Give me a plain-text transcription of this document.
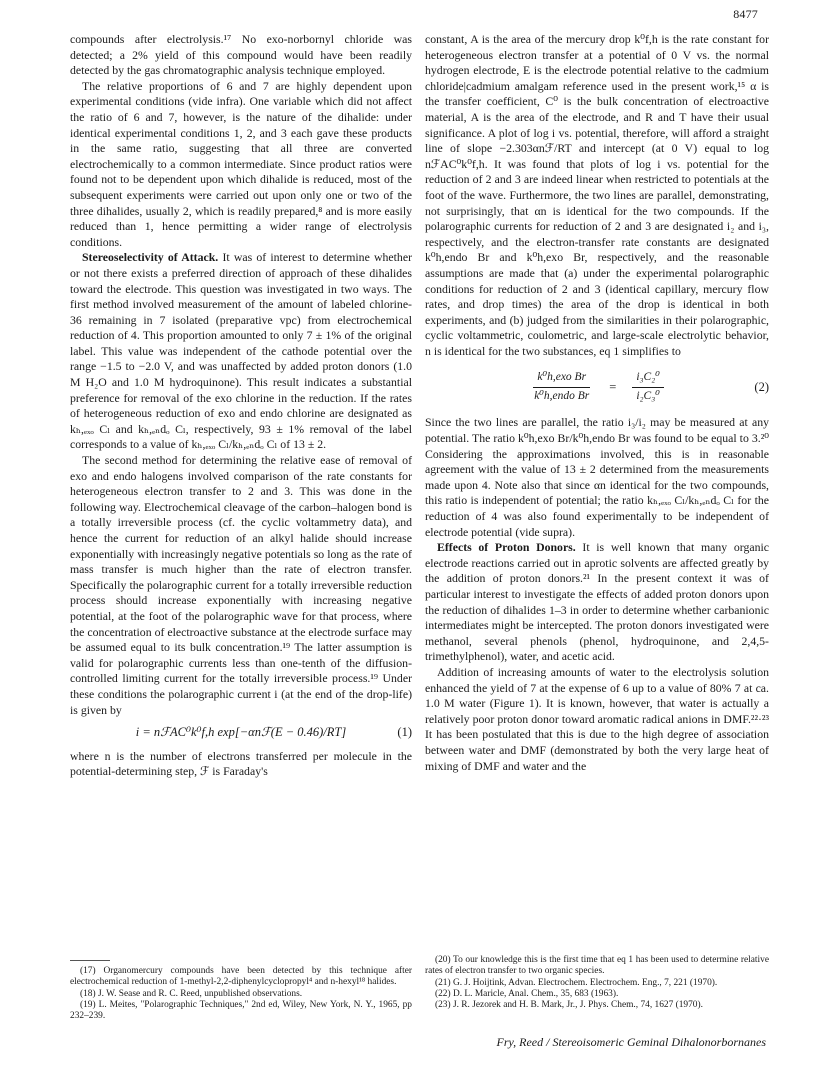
8477

compounds after electrolysis.¹⁷ No exo-norbornyl chloride was detected; a 2% yield of this compound would have been readily detected by the gas chromatographic analysis technique employed.

The relative proportions of 6 and 7 are highly dependent upon experimental conditions (vide infra). One variable which did not affect the ratio of 6 and 7, however, is the nature of the dihalide: under identical experimental conditions 1, 2, and 3 each gave these products in the same ratio, suggesting that all three are converted electrochemically to a common intermediate. Since product ratios were found not to be dependent upon which dihalide is reduced, most of the subsequent experiments were carried out upon only one or two of the three dihalides, usually 2, which is readily prepared,⁸ and is more easily reduced than 1, hence permitting a wider range of electrolysis conditions.

Stereoselectivity of Attack. It was of interest to determine whether or not there exists a preferred direction of approach of these dihalides toward the electrode. This question was investigated in two ways. The first method involved measurement of the amount of labeled chlorine-36 remaining in 7 isolated (preparative vpc) from electrochemical reduction of 4. This proportion amounted to only 7 ± 1% of the original label. This value was independent of the cathode potential over the range −1.5 to −2.0 V, and was unaffected by added proton donors (1.0 M H₂O and 1.0 M hydroquinone). This result indicates a substantial preference for removal of the exo chlorine in the reduction. If the rates of heterogeneous reduction of exo and endo chlorine are designated as kₕ,ₑₓₒ Cₗ and kₕ,ₑₙdₒ Cₗ, respectively, 93 ± 1% removal of the label corresponds to a value of kₕ,ₑₓₒ Cₗ/kₕ,ₑₙdₒ Cₗ of 13 ± 2.

The second method for determining the relative ease of removal of exo and endo halogens involved comparison of the rate constants for heterogeneous electron transfer to 2 and 3. This was done in the following way. Electrochemical cleavage of the carbon–halogen bond is a totally irreversible process (cf. the cyclic voltammetry data), and hence the current for reduction of an alkyl halide should increase exponentially with increasingly negative potentials so long as the rate of mass transfer is much higher than the rate of electron transfer. Specifically the polarographic current for a totally irreversible reduction process should increase exponentially with increasing negative potential, at the foot of the polarographic wave for that process, where the concentration of electroactive substance at the electrode surface may be assumed equal to its bulk concentration.¹⁹ The latter assumption is valid for polarographic currents less than one-tenth of the diffusion-controlled limiting current for the totally irreversible process.¹⁹ Under these conditions the polarographic current i (at the end of the drop-life) is given by

i = nℱAC⁰k⁰f,h exp[−αnℱ(E − 0.46)/RT]	(1)

where n is the number of electrons transferred per molecule in the potential-determining step, ℱ is Faraday's

constant, A is the area of the mercury drop k⁰f,h is the rate constant for heterogeneous electron transfer at a potential of 0 V vs. the normal hydrogen electrode, E is the electrode potential relative to the cadmium chloride|cadmium amalgam reference used in the present work,¹⁵ α is the transfer coefficient, C⁰ is the bulk concentration of electroactive material, A is the area of the electrode, and R and T have their usual significance. A plot of log i vs. potential, therefore, will afford a straight line of slope −2.303αnℱ/RT and intercept (at 0 V) equal to log nℱAC⁰k⁰f,h. It was found that plots of log i vs. potential for the reduction of 2 and 3 are indeed linear when restricted to potentials at the foot of the wave. Furthermore, the two lines are parallel, demonstrating, not surprisingly, that αn is identical for the two compounds. If the polarographic currents for reduction of 2 and 3 are designated i₂ and i₃, respectively, and the electron-transfer rate constants are designated k⁰h,endo Br and k⁰h,exo Br, respectively, and the reasonable assumptions are made that (a) under the experimental polarographic conditions for reduction of 2 and 3 (identical capillary, mercury flow rates, and drop times) the area of the drop is identical in both experiments, and (b) judged from the similarities in their polarographic, cyclic voltammetric, coulometric, and large-scale electrolytic behavior, n is identical for the two substances, eq 1 simplifies to

$\frac{\text{k⁰h,exo Br}}{\text{k⁰h,endo Br}} = \frac{\text{i₃C₂⁰}}{\text{i₂C₃⁰}}$	(2)

Since the two lines are parallel, the ratio i₃/i₂ may be measured at any potential. The ratio k⁰h,exo Br/k⁰h,endo Br was found to be equal to 3.²⁰ Considering the approximations involved, this is in reasonable agreement with the value of 13 ± 2 determined from the measurements made upon 4. Note also that since αn identical for the two compounds, this ratio is independent of potential; the ratio kₕ,ₑₓₒ Cₗ/kₕ,ₑₙdₒ Cₗ for the reduction of 4 was also found experimentally to be independent of electrode potential (vide supra).

Effects of Proton Donors. It is well known that many organic electrode reactions carried out in aprotic solvents are affected greatly by the addition of proton donors.²¹ In the present context it was of particular interest to investigate the effects of added proton donors upon the reduction of dihalides 1–3 in order to determine whether carbanionic intermediates might be intercepted. The proton donors investigated were methanol, several phenols (phenol, hydroquinone, and 2,4,5-trimethylphenol), water, and acetic acid.

Addition of increasing amounts of water to the electrolysis solution enhanced the yield of 7 at the expense of 6 up to a value of 80% 7 at ca. 1.0 M water (Figure 1). It is known, however, that water is actually a relatively poor proton donor toward aromatic radical anions in DMF.²²·²³ It has been postulated that this is due to the high degree of association between water and DMF (demonstrated by both the very large heat of mixing of DMF and water and the

(17) Organomercury compounds have been detected by this technique after electrochemical reduction of 1-methyl-2,2-diphenylcyclopropyl⁴ and n-hexyl¹⁸ halides.

(18) J. W. Sease and R. C. Reed, unpublished observations.

(19) L. Meites, "Polarographic Techniques," 2nd ed, Wiley, New York, N. Y., 1965, pp 232–239.

(20) To our knowledge this is the first time that eq 1 has been used to determine relative rates of electron transfer to two organic species.

(21) G. J. Hoijtink, Advan. Electrochem. Electrochem. Eng., 7, 221 (1970).

(22) D. L. Maricle, Anal. Chem., 35, 683 (1963).

(23) J. R. Jezorek and H. B. Mark, Jr., J. Phys. Chem., 74, 1627 (1970).

Fry, Reed / Stereoisomeric Geminal Dihalonorbornanes
